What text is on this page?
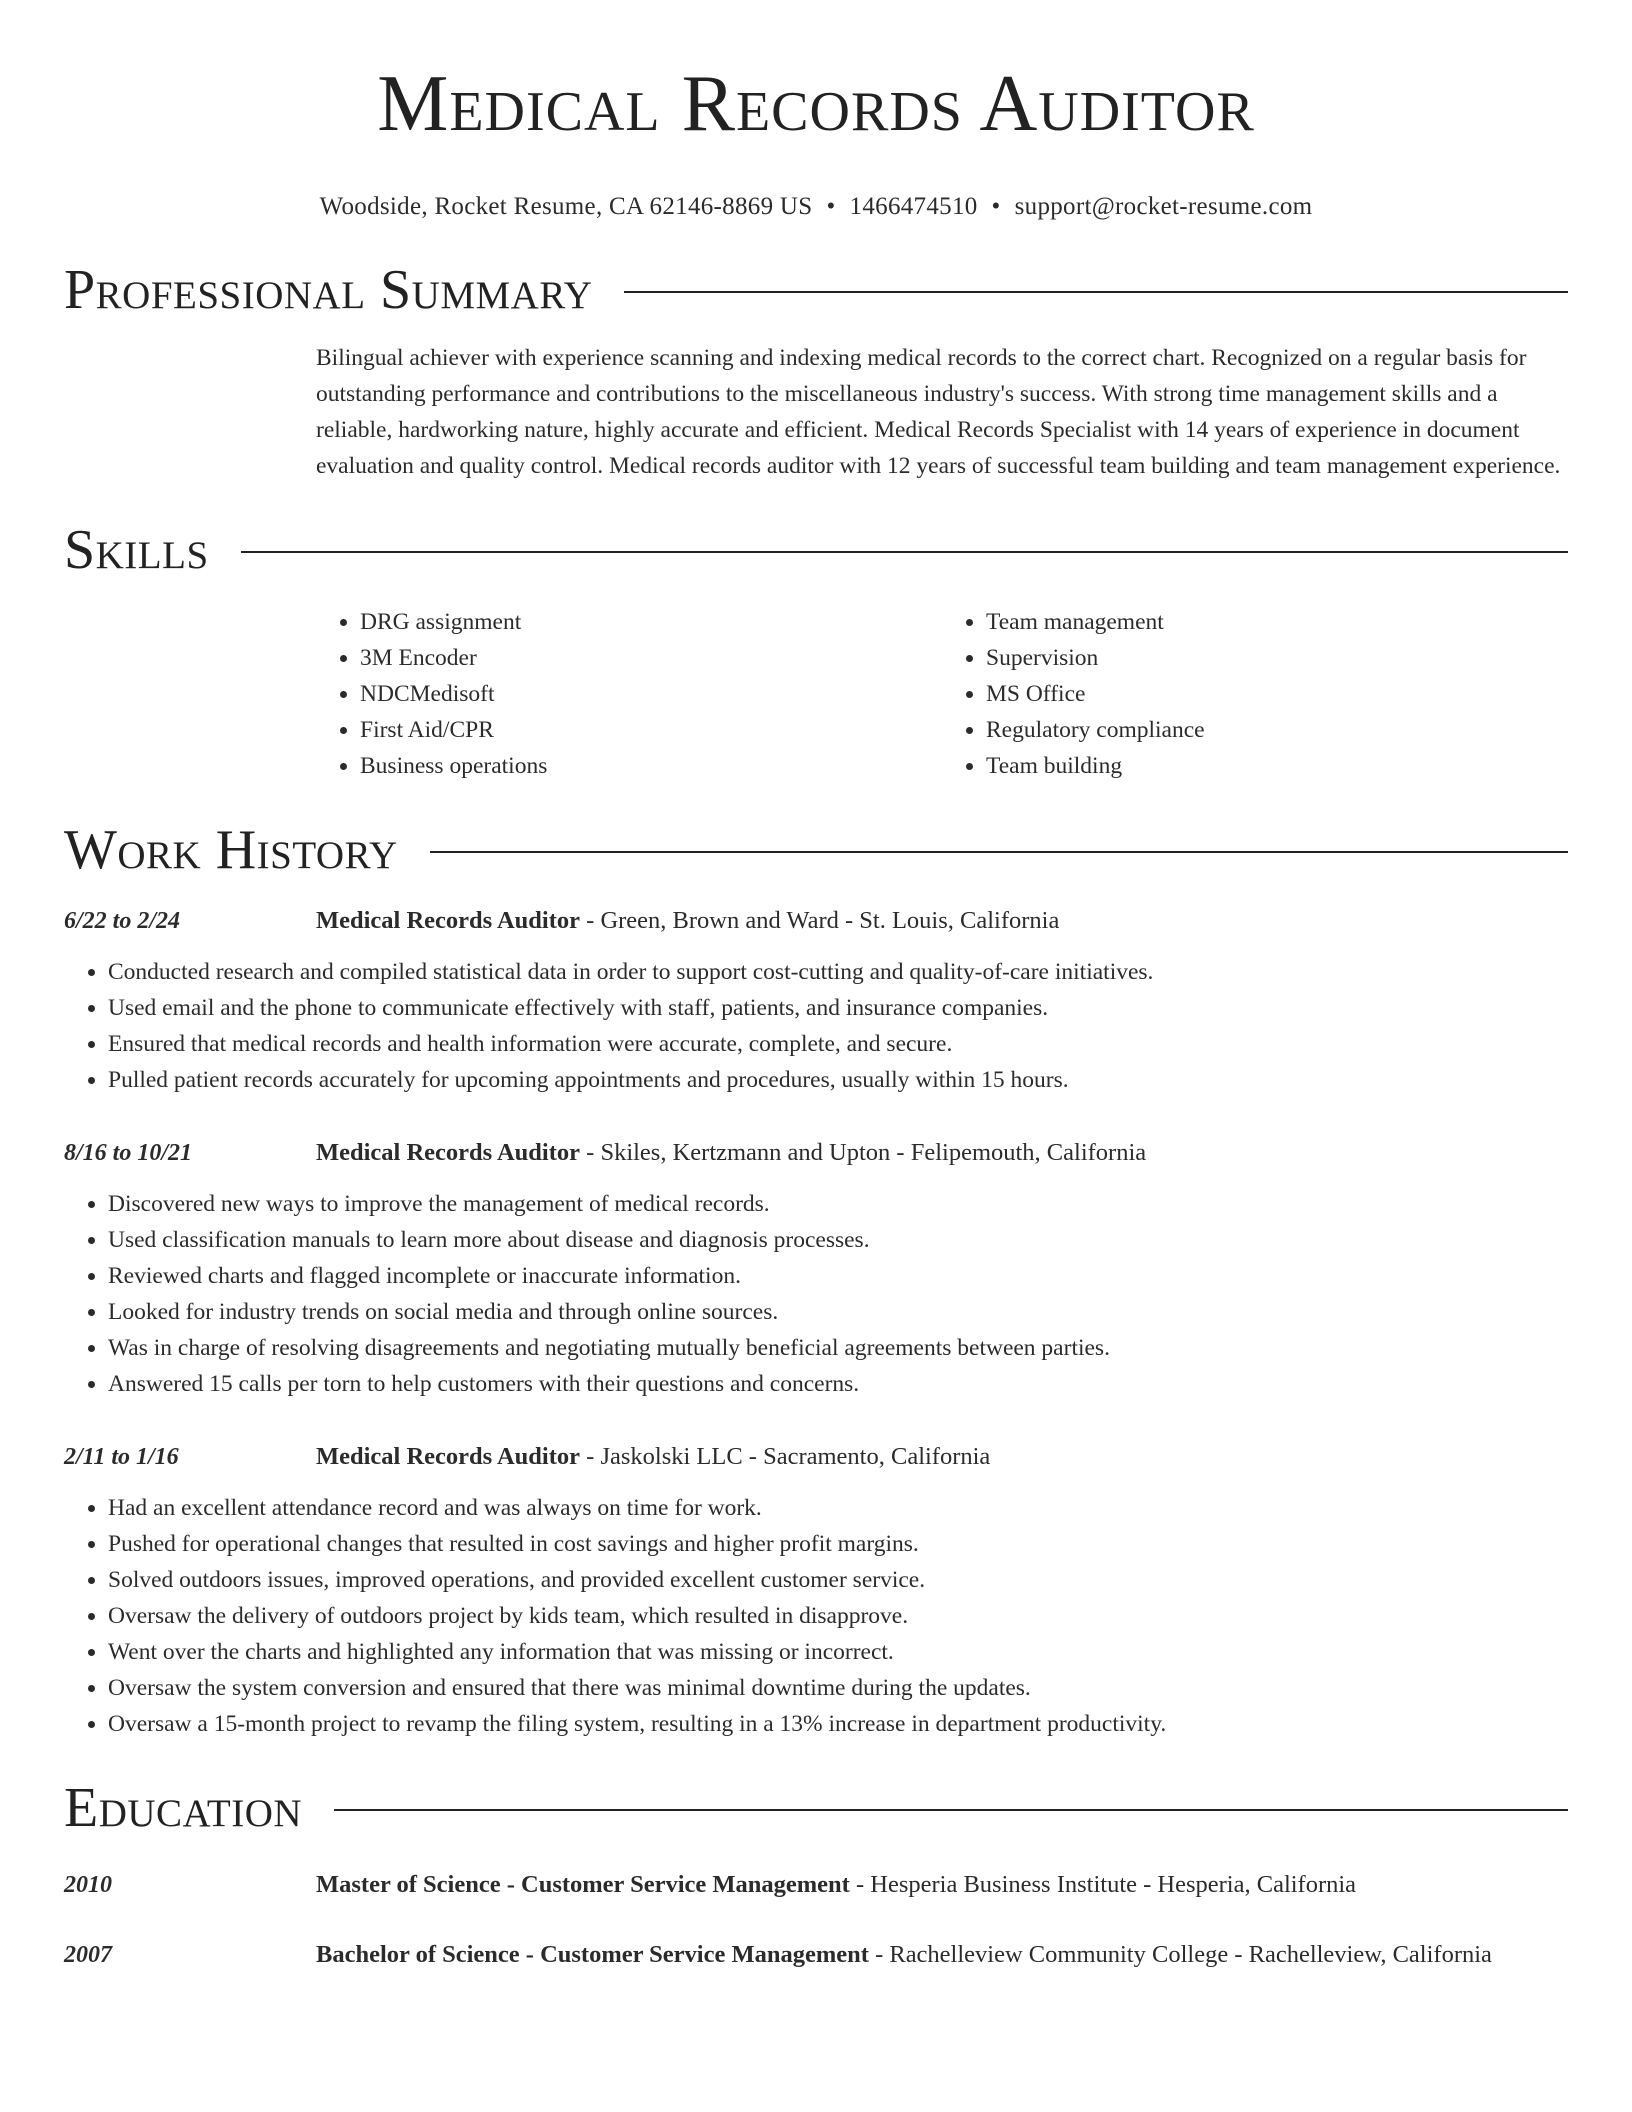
Medical Records Auditor
Woodside, Rocket Resume, CA 62146-8869 US • 1466474510 • support@rocket-resume.com
Professional Summary

Bilingual achiever with experience scanning and indexing medical records to the correct chart. Recognized on a regular basis for outstanding performance and contributions to the miscellaneous industry's success. With strong time management skills and a reliable, hardworking nature, highly accurate and efficient. Medical Records Specialist with 14 years of experience in document evaluation and quality control. Medical records auditor with 12 years of successful team building and team management experience.

Skills
• DRG assignment
• 3M Encoder
• NDCMedisoft
• First Aid/CPR
• Business operations
• Team management
• Supervision
• MS Office
• Regulatory compliance
• Team building
Work History
6/22 to 2/24	Medical Records Auditor - Green, Brown and Ward - St. Louis, California
• Conducted research and compiled statistical data in order to support cost-cutting and quality-of-care initiatives.
• Used email and the phone to communicate effectively with staff, patients, and insurance companies.
• Ensured that medical records and health information were accurate, complete, and secure.
• Pulled patient records accurately for upcoming appointments and procedures, usually within 15 hours.
8/16 to 10/21	Medical Records Auditor - Skiles, Kertzmann and Upton - Felipemouth, California
• Discovered new ways to improve the management of medical records.
• Used classification manuals to learn more about disease and diagnosis processes.
• Reviewed charts and flagged incomplete or inaccurate information.
• Looked for industry trends on social media and through online sources.
• Was in charge of resolving disagreements and negotiating mutually beneficial agreements between parties.
• Answered 15 calls per torn to help customers with their questions and concerns.
2/11 to 1/16	Medical Records Auditor - Jaskolski LLC - Sacramento, California
• Had an excellent attendance record and was always on time for work.
• Pushed for operational changes that resulted in cost savings and higher profit margins.
• Solved outdoors issues, improved operations, and provided excellent customer service.
• Oversaw the delivery of outdoors project by kids team, which resulted in disapprove.
• Went over the charts and highlighted any information that was missing or incorrect.
• Oversaw the system conversion and ensured that there was minimal downtime during the updates.
• Oversaw a 15-month project to revamp the filing system, resulting in a 13% increase in department productivity.
Education
2010	Master of Science - Customer Service Management - Hesperia Business Institute - Hesperia, California
2007	Bachelor of Science - Customer Service Management - Rachelleview Community College - Rachelleview, California
